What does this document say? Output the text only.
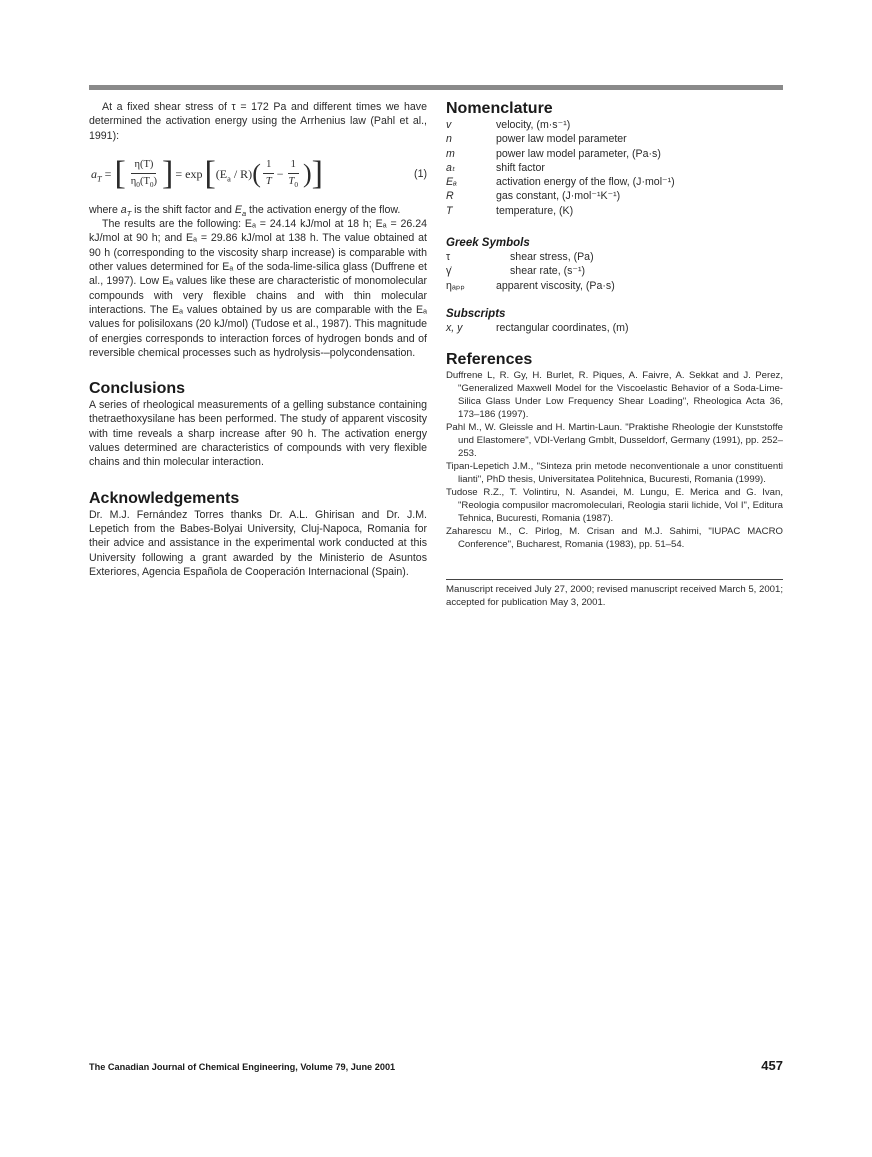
At a fixed shear stress of τ = 172 Pa and different times we have determined the activation energy using the Arrhenius law (Pahl et al., 1991):

$a_T$ = [ $\frac{\eta(T)}{\eta_0(T_0)}$ ] = exp [ $(E_a / R)$ ( $\frac{1}{T} - \frac{1}{T_0}$ ) ]	(1)

where $a_T$ is the shift factor and $E_a$ the activation energy of the flow.

The results are the following: Eₐ = 24.14 kJ/mol at 18 h; Eₐ = 26.24 kJ/mol at 90 h; and Eₐ = 29.86 kJ/mol at 138 h. The value obtained at 90 h (corresponding to the viscosity sharp increase) is comparable with other values determined for Eₐ of the soda-lime-silica glass (Duffrene et al., 1997). Low Eₐ values like these are characteristic of monomolecular compounds with very flexible chains and with thin molecular interactions. The Eₐ values obtained by us are comparable with the Eₐ values for polisiloxans (20 kJ/mol) (Tudose et al., 1987). This magnitude of energies corresponds to interaction forces of hydrogen bonds and of reversible chemical processes such as hydrolysis-–polycondensation.

Conclusions

A series of rheological measurements of a gelling substance containing thetraethoxysilane has been performed. The study of apparent viscosity with time reveals a sharp increase after 90 h. The activation energy values determined are characteristics of compounds with very flexible chains and thin molecular interaction.

Acknowledgements

Dr. M.J. Fernández Torres thanks Dr. A.L. Ghirisan and Dr. J.M. Lepetich from the Babes-Bolyai University, Cluj-Napoca, Romania for their advice and assistance in the experimental work conducted at this University following a grant awarded by the Ministerio de Asuntos Exteriores, Agencia Española de Cooperación Internacional (Spain).

Nomenclature
v	velocity, (m·s⁻¹)
n	power law model parameter
m	power law model parameter, (Pa·s)
aₜ	shift factor
Eₐ	activation energy of the flow, (J·mol⁻¹)
R	gas constant, (J·mol⁻¹K⁻¹)
T	temperature, (K)
Greek Symbols
τ	shear stress, (Pa)
γ̇	shear rate, (s⁻¹)
ηₐₚₚ	apparent viscosity, (Pa·s)
Subscripts
x, y	rectangular coordinates, (m)
References

Duffrene L, R. Gy, H. Burlet, R. Piques, A. Faivre, A. Sekkat and J. Perez, "Generalized Maxwell Model for the Viscoelastic Behavior of a Soda-Lime-Silica Glass Under Low Frequency Shear Loading", Rheologica Acta 36, 173–186 (1997).

Pahl M., W. Gleissle and H. Martin-Laun. "Praktishe Rheologie der Kunststoffe und Elastomere", VDI-Verlang Gmblt, Dusseldorf, Germany (1991), pp. 252–253.

Tipan-Lepetich J.M., "Sinteza prin metode neconventionale a unor constituenti lianti", PhD thesis, Universitatea Politehnica, Bucuresti, Romania (1999).

Tudose R.Z., T. Volintiru, N. Asandei, M. Lungu, E. Merica and G. Ivan, "Reologia compusilor macromoleculari, Reologia starii lichide, Vol I", Editura Tehnica, Bucuresti, Romania (1987).

Zaharescu M., C. Pirlog, M. Crisan and M.J. Sahimi, "IUPAC MACRO Conference", Bucharest, Romania (1983), pp. 51–54.

Manuscript received July 27, 2000; revised manuscript received March 5, 2001; accepted for publication May 3, 2001.
The Canadian Journal of Chemical Engineering, Volume 79, June 2001	457
